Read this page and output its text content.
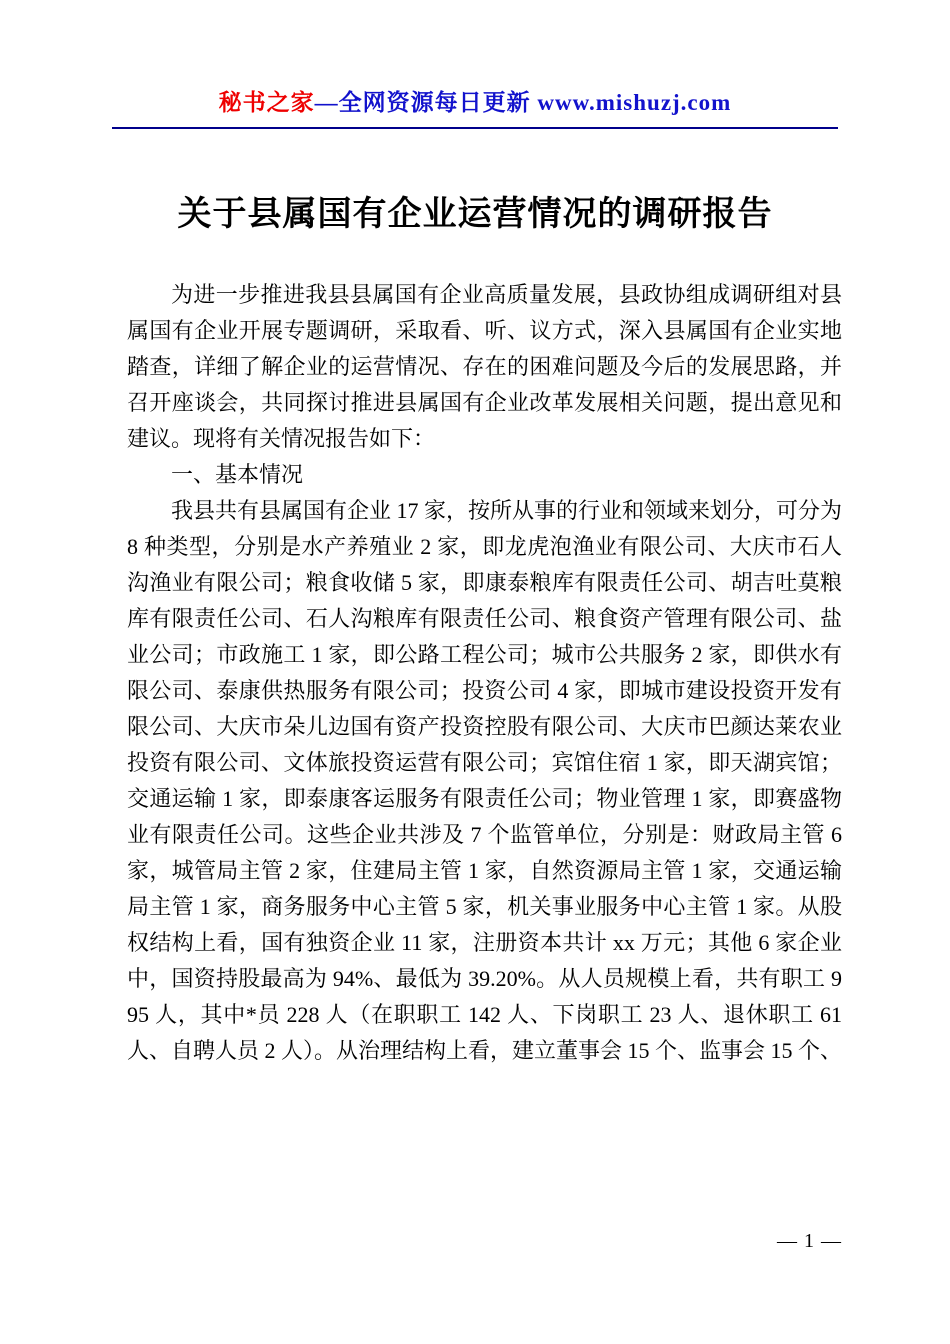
秘书之家—全网资源每日更新 www.mishuzj.com
关于县属国有企业运营情况的调研报告

为进一步推进我县县属国有企业高质量发展，县政协组成调研组对县属国有企业开展专题调研，采取看、听、议方式，深入县属国有企业实地踏查，详细了解企业的运营情况、存在的困难问题及今后的发展思路，并召开座谈会，共同探讨推进县属国有企业改革发展相关问题，提出意见和建议。现将有关情况报告如下：

一、基本情况

我县共有县属国有企业 17 家，按所从事的行业和领域来划分，可分为 8 种类型，分别是水产养殖业 2 家，即龙虎泡渔业有限公司、大庆市石人沟渔业有限公司；粮食收储 5 家，即康泰粮库有限责任公司、胡吉吐莫粮库有限责任公司、石人沟粮库有限责任公司、粮食资产管理有限公司、盐业公司；市政施工 1 家，即公路工程公司；城市公共服务 2 家，即供水有限公司、泰康供热服务有限公司；投资公司 4 家，即城市建设投资开发有限公司、大庆市朵儿边国有资产投资控股有限公司、大庆市巴颜达莱农业投资有限公司、文体旅投资运营有限公司；宾馆住宿 1 家，即天湖宾馆；交通运输 1 家，即泰康客运服务有限责任公司；物业管理 1 家，即赛盛物业有限责任公司。这些企业共涉及 7 个监管单位，分别是：财政局主管 6 家，城管局主管 2 家，住建局主管 1 家，自然资源局主管 1 家，交通运输局主管 1 家，商务服务中心主管 5 家，机关事业服务中心主管 1 家。从股权结构上看，国有独资企业 11 家，注册资本共计 xx 万元；其他 6 家企业中，国资持股最高为 94%、最低为 39.20%。从人员规模上看，共有职工 995 人，其中*员 228 人（在职职工 142 人、下岗职工 23 人、退休职工 61 人、自聘人员 2 人）。从治理结构上看，建立董事会 15 个、监事会 15 个、

— 1 —
